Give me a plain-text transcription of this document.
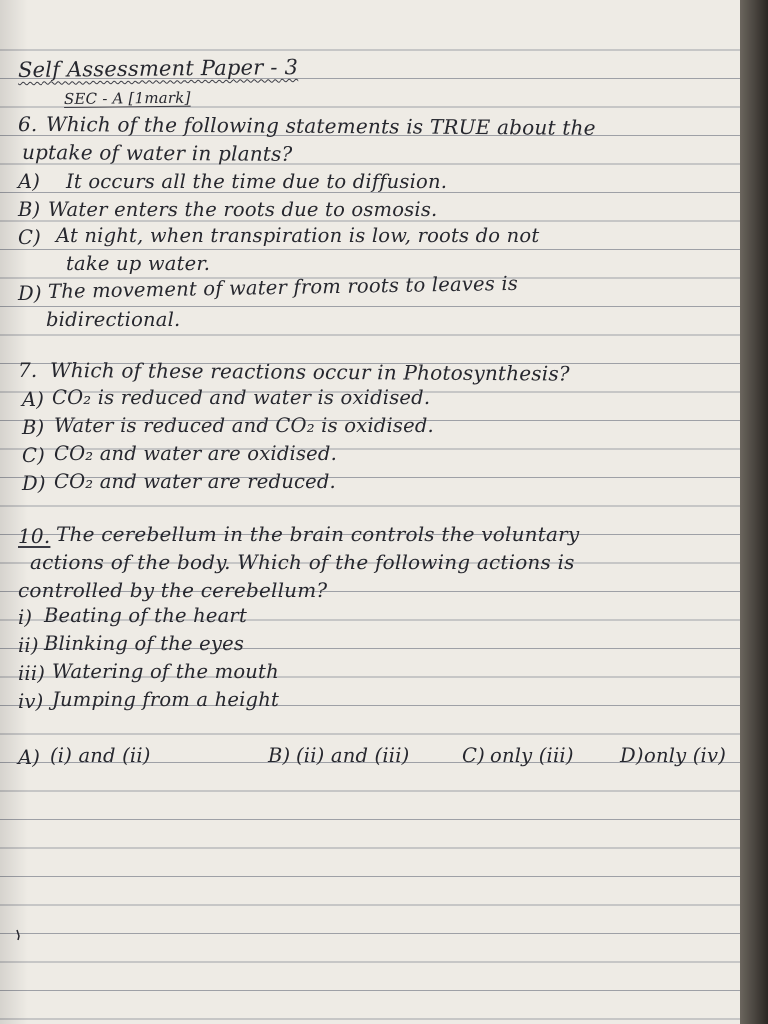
Self Assessment Paper - 3
SEC - A [1mark]
6. Which of the following statements is TRUE about the
uptake of water in plants?
A) It occurs all the time due to diffusion.
B) Water enters the roots due to osmosis.
C) At night, when transpiration is low, roots do not
take up water.
D) The movement of water from roots to leaves is
bidirectional.
7. Which of these reactions occur in Photosynthesis?
A) CO₂ is reduced and water is oxidised.
B) Water is reduced and CO₂ is oxidised.
C) CO₂ and water are oxidised.
D) CO₂ and water are reduced.
10. The cerebellum in the brain controls the voluntary
actions of the body. Which of the following actions is
controlled by the cerebellum?
i) Beating of the heart
ii) Blinking of the eyes
iii) Watering of the mouth
iv) Jumping from a height
A) (i) and (ii)	B) (ii) and (iii)	C) only (iii) D) only (iv)
